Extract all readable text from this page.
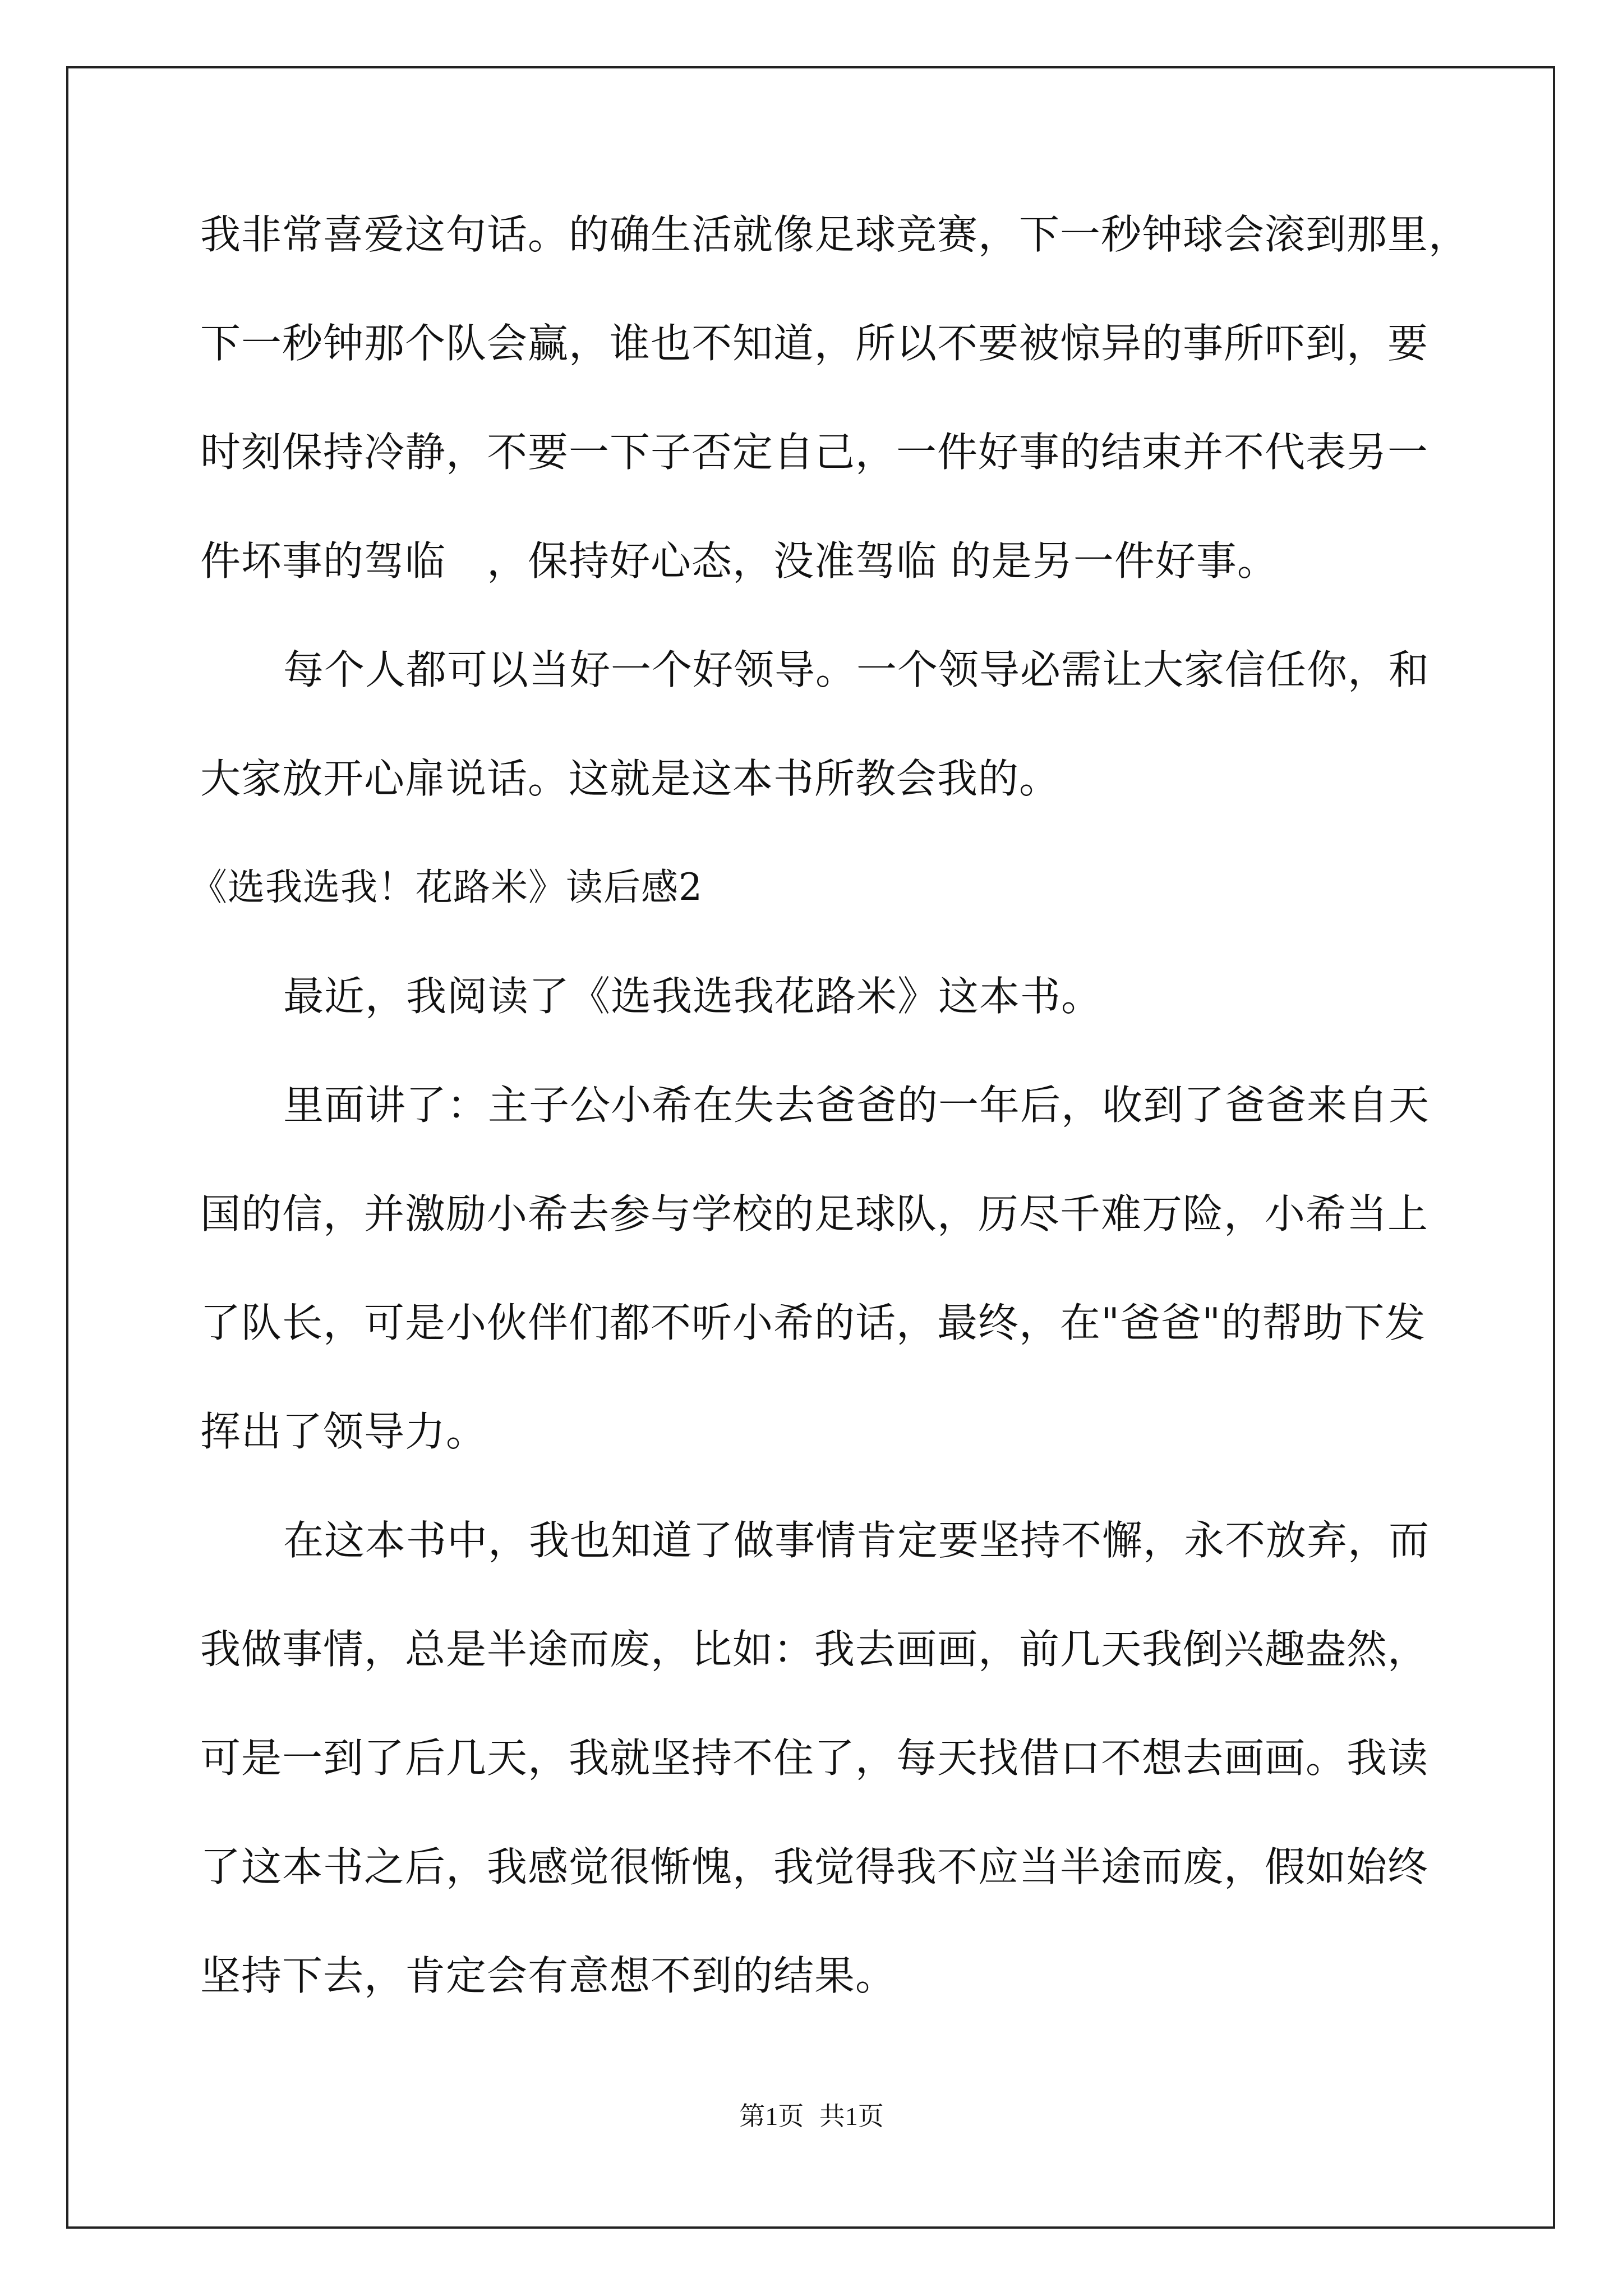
我非常喜爱这句话。的确生活就像足球竞赛，下一秒钟球会滚到那里，
下一秒钟那个队会赢，谁也不知道，所以不要被惊异的事所吓到，要
时刻保持冷静，不要一下子否定自己，一件好事的结束并不代表另一
件坏事的驾临　，保持好心态，没准驾临 的是另一件好事。
每个人都可以当好一个好领导。一个领导必需让大家信任你，和
大家放开心扉说话。这就是这本书所教会我的。
《选我选我！花路米》读后感2
最近，我阅读了《选我选我花路米》这本书。
里面讲了：主子公小希在失去爸爸的一年后，收到了爸爸来自天
国的信，并激励小希去参与学校的足球队，历尽千难万险，小希当上
了队长，可是小伙伴们都不听小希的话，最终，在"爸爸"的帮助下发
挥出了领导力。
在这本书中，我也知道了做事情肯定要坚持不懈，永不放弃，而
我做事情，总是半途而废，比如：我去画画，前几天我倒兴趣盎然，
可是一到了后几天，我就坚持不住了，每天找借口不想去画画。我读
了这本书之后，我感觉很惭愧，我觉得我不应当半途而废，假如始终
坚持下去，肯定会有意想不到的结果。
第1页 共1页
